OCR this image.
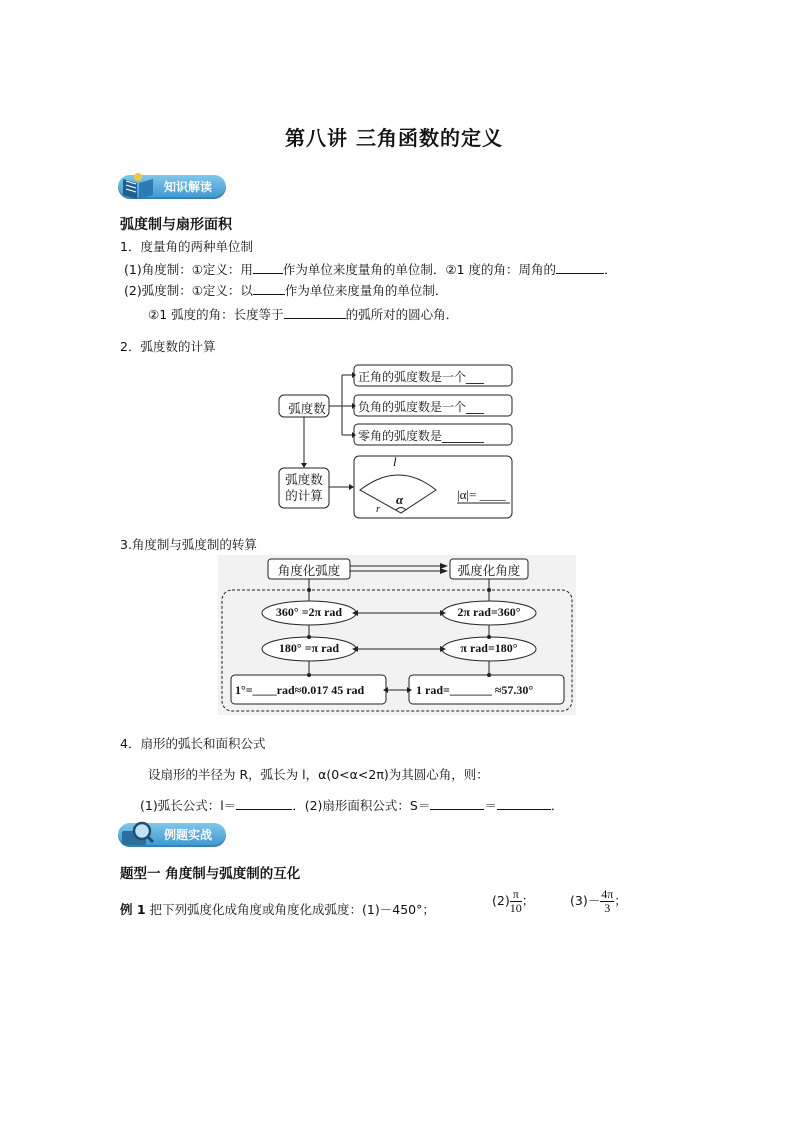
第八讲 三角函数的定义
知识解读
弧度制与扇形面积
1．度量角的两种单位制
(1)角度制：①定义：用 作为单位来度量角的单位制．②1 度的角：周角的	．
(2)弧度制：①定义：以	作为单位来度量角的单位制．
②1 弧度的角：长度等于	的弧所对的圆心角．
2．弧度数的计算
弧度数
正角的弧度数是一个___
负角的弧度数是一个___
零角的弧度数是_______
弧度数
的计算
l
α
r
|α|= ____
3.角度制与弧度制的转算
角度化弧度	弧度化角度
360° =2π rad	2π rad=360°
180° =π rad	π rad=180°
1°=____rad≈0.017 45 rad	1 rad=_______ ≈57.30°
4．扇形的弧长和面积公式
设扇形的半径为 R，弧长为 l，α(0<α<2π)为其圆心角，则：
(1)弧长公式：l＝	．(2)扇形面积公式：S＝	＝	．
例题实战
题型一 角度制与弧度制的互化
例 1 把下列弧度化成角度或角度化成弧度：(1)－450°；
$(2) \frac{\pi}{10}$ ；	$(3)- \frac{4\pi}{3}$ ；
